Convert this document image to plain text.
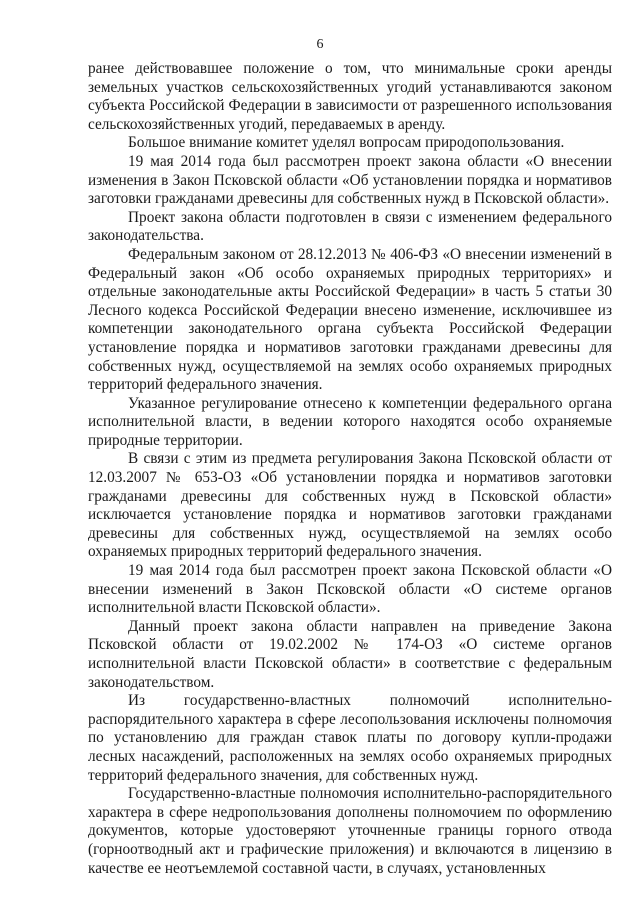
6

ранее действовавшее положение о том, что минимальные сроки аренды земельных участков сельскохозяйственных угодий устанавливаются законом субъекта Российской Федерации в зависимости от разрешенного использования сельскохозяйственных угодий, передаваемых в аренду.

Большое внимание комитет уделял вопросам природопользования.

19 мая 2014 года был рассмотрен проект закона области «О внесении изменения в Закон Псковской области «Об установлении порядка и нормативов заготовки гражданами древесины для собственных нужд в Псковской области».

Проект закона области подготовлен в связи с изменением федерального законодательства.

Федеральным законом от 28.12.2013 № 406-ФЗ «О внесении изменений в Федеральный закон «Об особо охраняемых природных территориях» и отдельные законодательные акты Российской Федерации» в часть 5 статьи 30 Лесного кодекса Российской Федерации внесено изменение, исключившее из компетенции законодательного органа субъекта Российской Федерации установление порядка и нормативов заготовки гражданами древесины для собственных нужд, осуществляемой на землях особо охраняемых природных территорий федерального значения.

Указанное регулирование отнесено к компетенции федерального органа исполнительной власти, в ведении которого находятся особо охраняемые природные территории.

В связи с этим из предмета регулирования Закона Псковской области от 12.03.2007 № 653-ОЗ «Об установлении порядка и нормативов заготовки гражданами древесины для собственных нужд в Псковской области» исключается установление порядка и нормативов заготовки гражданами древесины для собственных нужд, осуществляемой на землях особо охраняемых природных территорий федерального значения.

19 мая 2014 года был рассмотрен проект закона Псковской области «О внесении изменений в Закон Псковской области «О системе органов исполнительной власти Псковской области».

Данный проект закона области направлен на приведение Закона Псковской области от 19.02.2002 № 174-ОЗ «О системе органов исполнительной власти Псковской области» в соответствие с федеральным законодательством.

Из государственно-властных полномочий исполнительно-распорядительного характера в сфере лесопользования исключены полномочия по установлению для граждан ставок платы по договору купли-продажи лесных насаждений, расположенных на землях особо охраняемых природных территорий федерального значения, для собственных нужд.

Государственно-властные полномочия исполнительно-распорядительного характера в сфере недропользования дополнены полномочием по оформлению документов, которые удостоверяют уточненные границы горного отвода (горноотводный акт и графические приложения) и включаются в лицензию в качестве ее неотъемлемой составной части, в случаях, установленных
